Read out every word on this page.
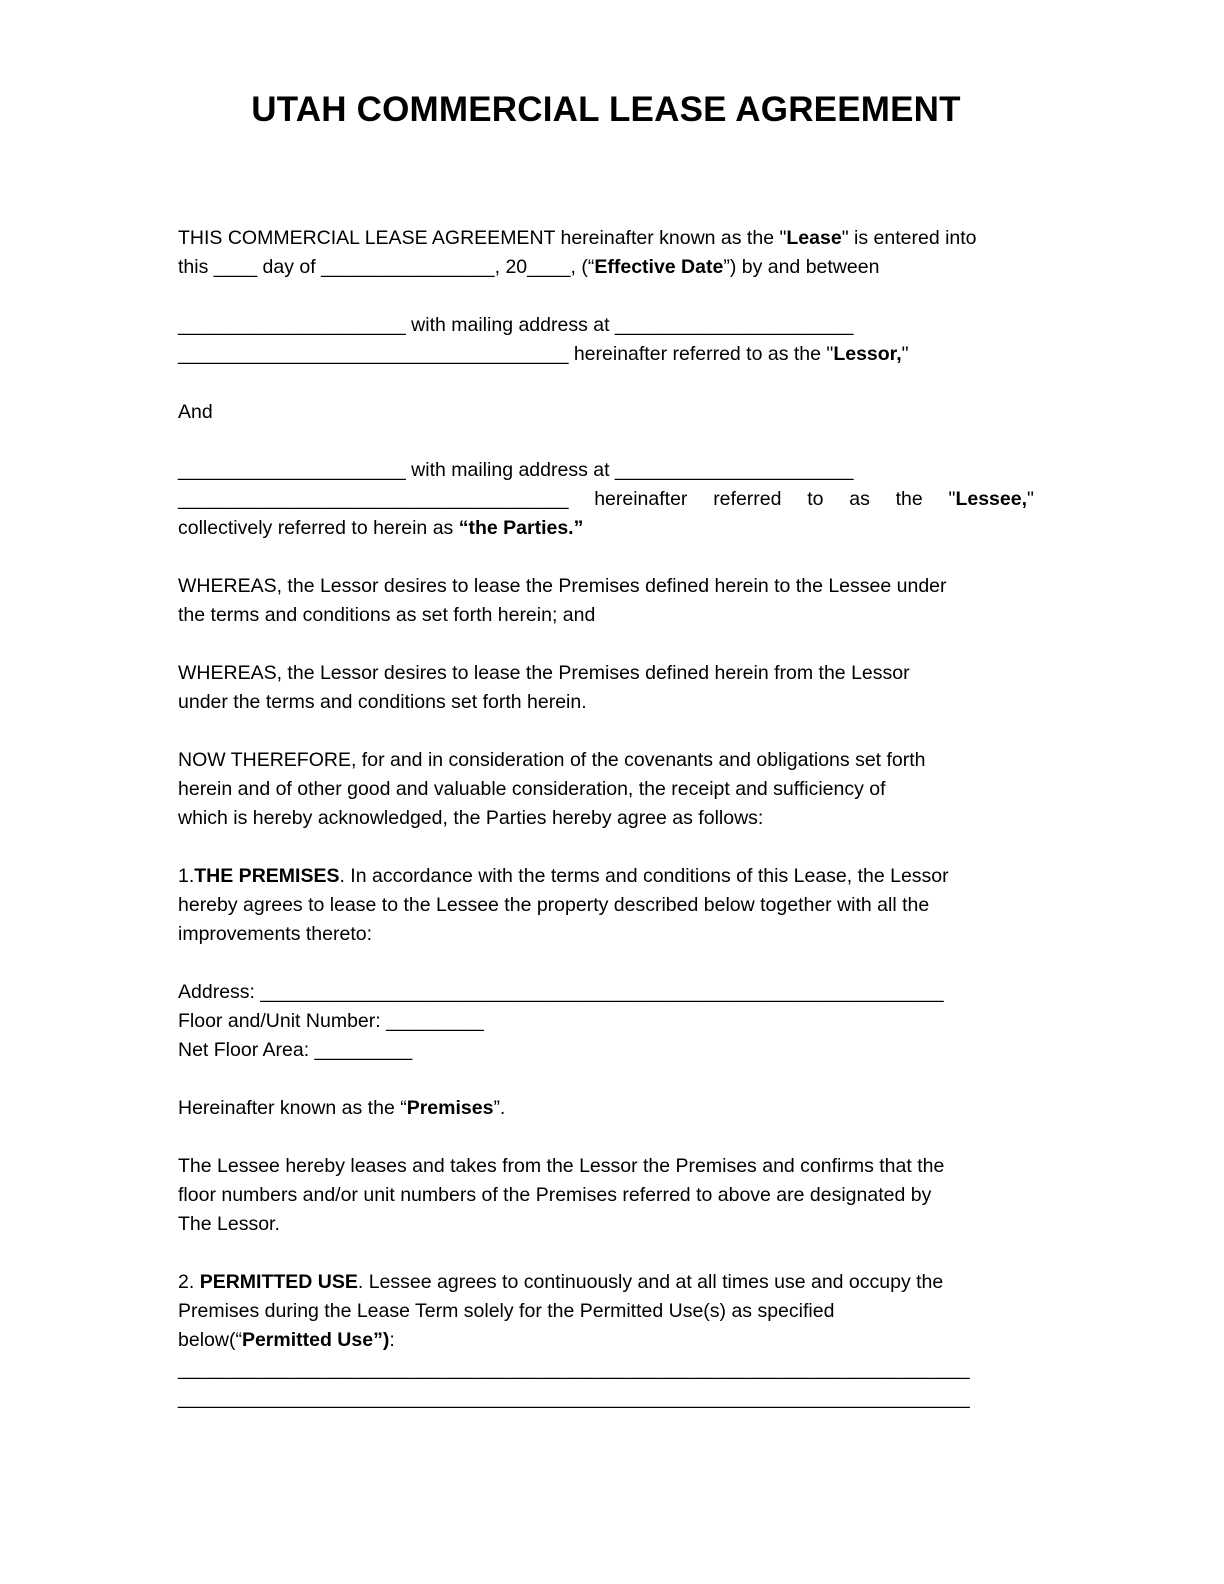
UTAH COMMERCIAL LEASE AGREEMENT
THIS COMMERCIAL LEASE AGREEMENT hereinafter known as the "Lease" is entered into
this ____ day of ________________, 20____, (“Effective Date”) by and between
_____________________ with mailing address at ______________________
____________________________________ hereinafter referred to as the "Lessor,"
And
_____________________ with mailing address at ______________________
____________________________________ hereinafter referred to as the "Lessee,"
collectively referred to herein as “the Parties.”
WHEREAS, the Lessor desires to lease the Premises defined herein to the Lessee under
the terms and conditions as set forth herein; and
WHEREAS, the Lessor desires to lease the Premises defined herein from the Lessor
under the terms and conditions set forth herein.
NOW THEREFORE, for and in consideration of the covenants and obligations set forth
herein and of other good and valuable consideration, the receipt and sufficiency of
which is hereby acknowledged, the Parties hereby agree as follows:
1.THE PREMISES. In accordance with the terms and conditions of this Lease, the Lessor
hereby agrees to lease to the Lessee the property described below together with all the
improvements thereto:
Address: _______________________________________________________________
Floor and/Unit Number: _________
Net Floor Area: _________
Hereinafter known as the “Premises”.
The Lessee hereby leases and takes from the Lessor the Premises and confirms that the
floor numbers and/or unit numbers of the Premises referred to above are designated by
The Lessor.
2. PERMITTED USE. Lessee agrees to continuously and at all times use and occupy the
Premises during the Lease Term solely for the Permitted Use(s) as specified
below(“Permitted Use”):
_________________________________________________________________________
_________________________________________________________________________
